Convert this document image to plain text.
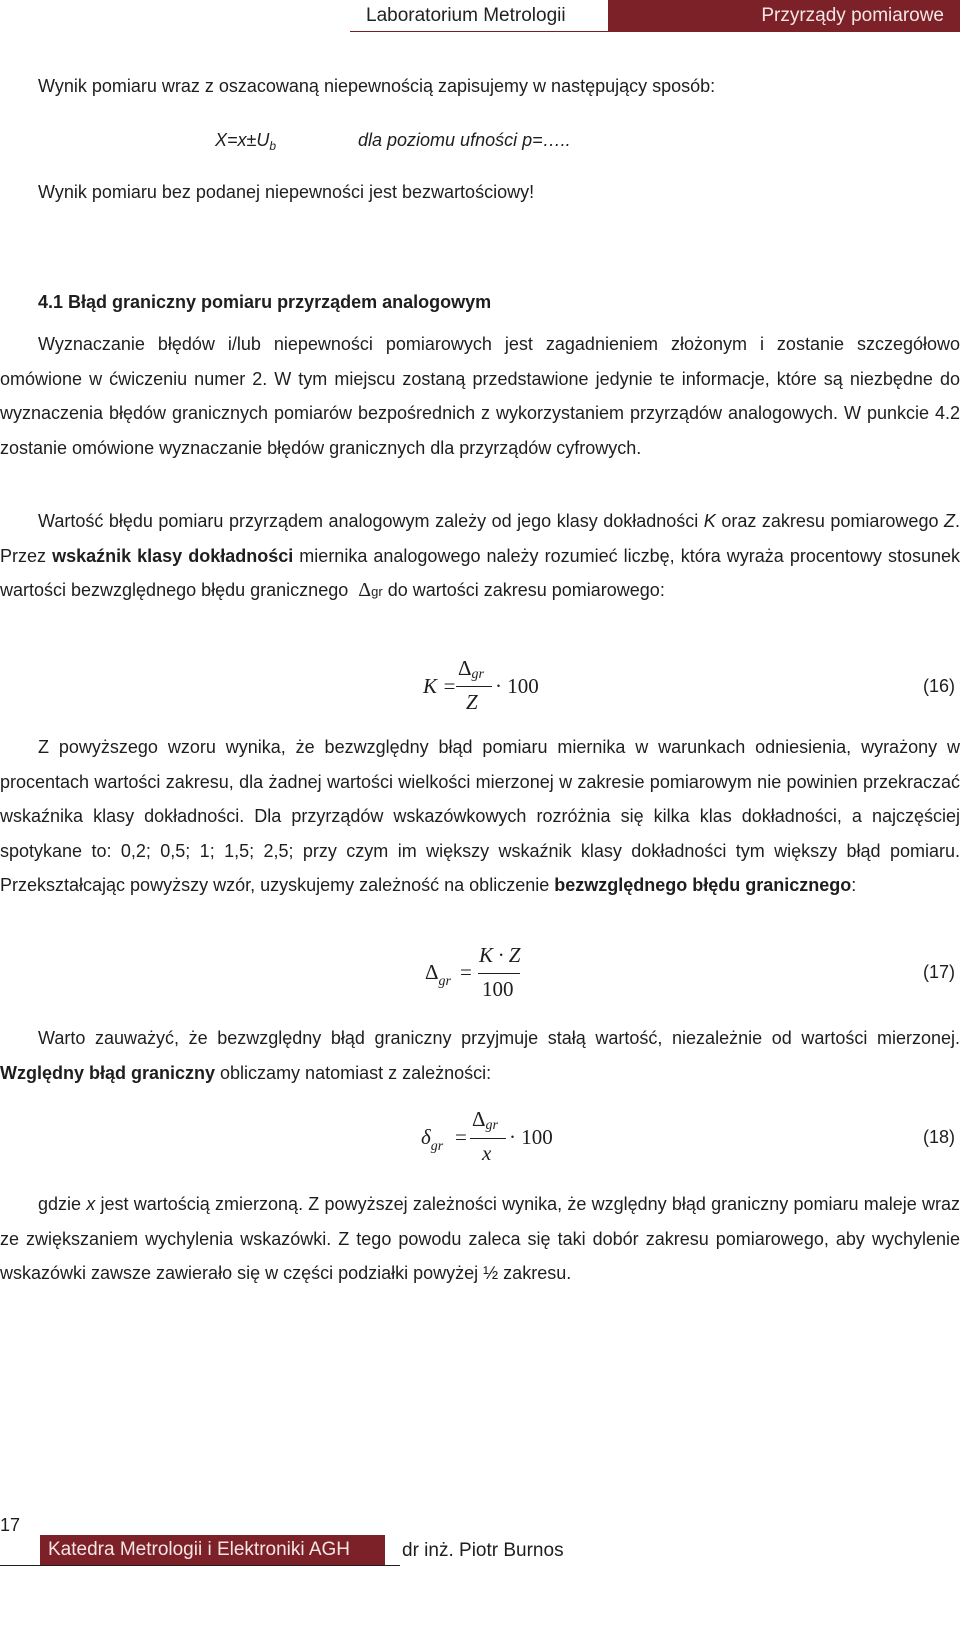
Laboratorium Metrologii	Przyrządy pomiarowe
Wynik pomiaru wraz z oszacowaną niepewnością zapisujemy w następujący sposób:
$X=x\pm U_b$	dla poziomu ufności p=…..
Wynik pomiaru bez podanej niepewności jest bezwartościowy!
4.1 Błąd graniczny pomiaru przyrządem analogowym
Wyznaczanie błędów i/lub niepewności pomiarowych jest zagadnieniem złożonym i zostanie szczegółowo omówione w ćwiczeniu numer 2. W tym miejscu zostaną przedstawione jedynie te informacje, które są niezbędne do wyznaczenia błędów granicznych pomiarów bezpośrednich z wykorzystaniem przyrządów analogowych. W punkcie 4.2 zostanie omówione wyznaczanie błędów granicznych dla przyrządów cyfrowych.
Wartość błędu pomiaru przyrządem analogowym zależy od jego klasy dokładności K oraz zakresu pomiarowego Z. Przez wskaźnik klasy dokładności miernika analogowego należy rozumieć liczbę, która wyraża procentowy stosunek wartości bezwzględnego błędu granicznego  Δgr do wartości zakresu pomiarowego:
K =
Δgr
Z
· 100	(16)
Z powyższego wzoru wynika, że bezwzględny błąd pomiaru miernika w warunkach odniesienia, wyrażony w procentach wartości zakresu, dla żadnej wartości wielkości mierzonej w zakresie pomiarowym nie powinien przekraczać wskaźnika klasy dokładności. Dla przyrządów wskazówkowych rozróżnia się kilka klas dokładności, a najczęściej spotykane to: 0,2; 0,5; 1; 1,5; 2,5; przy czym im większy wskaźnik klasy dokładności tym większy błąd pomiaru. Przekształcając powyższy wzór, uzyskujemy zależność na obliczenie bezwzględnego błędu granicznego:
$\Delta_{gr}$ =
K · Z
100
(17)
Warto zauważyć, że bezwzględny błąd graniczny przyjmuje stałą wartość, niezależnie od wartości mierzonej. Względny błąd graniczny obliczamy natomiast z zależności:
$\delta_{gr}$ =
Δgr
x
· 100	(18)
gdzie x jest wartością zmierzoną. Z powyższej zależności wynika, że względny błąd graniczny pomiaru maleje wraz ze zwiększaniem wychylenia wskazówki. Z tego powodu zaleca się taki dobór zakresu pomiarowego, aby wychylenie wskazówki zawsze zawierało się w części podziałki powyżej ½ zakresu.
17
Katedra Metrologii i Elektroniki AGH	dr inż. Piotr Burnos
